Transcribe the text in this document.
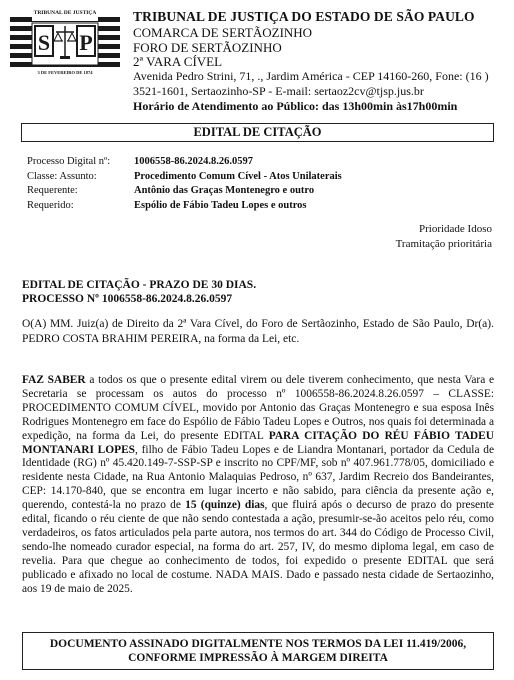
S P
TRIBUNAL DE JUSTIÇA
3 DE FEVEREIRO DE 1874
TRIBUNAL DE JUSTIÇA DO ESTADO DE SÃO PAULO
COMARCA DE SERTÃOZINHO
FORO DE SERTÃOZINHO
2ª VARA CÍVEL
Avenida Pedro Strini, 71, ., Jardim América - CEP 14160-260, Fone: (16 )
3521-1601, Sertaozinho-SP - E-mail: sertaoz2cv@tjsp.jus.br
Horário de Atendimento ao Público: das 13h00min às17h00min
EDITAL DE CITAÇÃO
Processo Digital nº:	1006558-86.2024.8.26.0597
Classe: Assunto:	Procedimento Comum Cível - Atos Unilaterais
Requerente:	Antônio das Graças Montenegro e outro
Requerido:	Espólio de Fábio Tadeu Lopes e outros
Prioridade Idoso
Tramitação prioritária
EDITAL DE CITAÇÃO - PRAZO DE 30 DIAS.
PROCESSO Nº 1006558-86.2024.8.26.0597
O(A) MM. Juiz(a) de Direito da 2ª Vara Cível, do Foro de Sertãozinho, Estado de São Paulo, Dr(a). PEDRO COSTA BRAHIM PEREIRA, na forma da Lei, etc.
FAZ SABER a todos os que o presente edital virem ou dele tiverem conhecimento, que nesta Vara e Secretaria se processam os autos do processo nº 1006558-86.2024.8.26.0597 – CLASSE: PROCEDIMENTO COMUM CÍVEL, movido por Antonio das Graças Montenegro e sua esposa Inês Rodrigues Montenegro em face do Espólio de Fábio Tadeu Lopes e Outros, nos quais foi determinada a expedição, na forma da Lei, do presente EDITAL PARA CITAÇÃO DO RÉU FÁBIO TADEU MONTANARI LOPES, filho de Fábio Tadeu Lopes e de Liandra Montanari, portador da Cedula de Identidade (RG) nº 45.420.149-7-SSP-SP e inscrito no CPF/MF, sob nº 407.961.778/05, domiciliado e residente nesta Cidade, na Rua Antonio Malaquias Pedroso, nº 637, Jardim Recreio dos Bandeirantes, CEP: 14.170-840, que se encontra em lugar incerto e não sabido, para ciência da presente ação e, querendo, contestá-la no prazo de 15 (quinze) dias, que fluirá após o decurso de prazo do presente edital, ficando o réu ciente de que não sendo contestada a ação, presumir-se-ão aceitos pelo réu, como verdadeiros, os fatos articulados pela parte autora, nos termos do art. 344 do Código de Processo Civil, sendo-lhe nomeado curador especial, na forma do art. 257, IV, do mesmo diploma legal, em caso de revelia. Para que chegue ao conhecimento de todos, foi expedido o presente EDITAL que será publicado e afixado no local de costume. NADA MAIS. Dado e passado nesta cidade de Sertaozinho, aos 19 de maio de 2025.
DOCUMENTO ASSINADO DIGITALMENTE NOS TERMOS DA LEI 11.419/2006,
CONFORME IMPRESSÃO À MARGEM DIREITA
